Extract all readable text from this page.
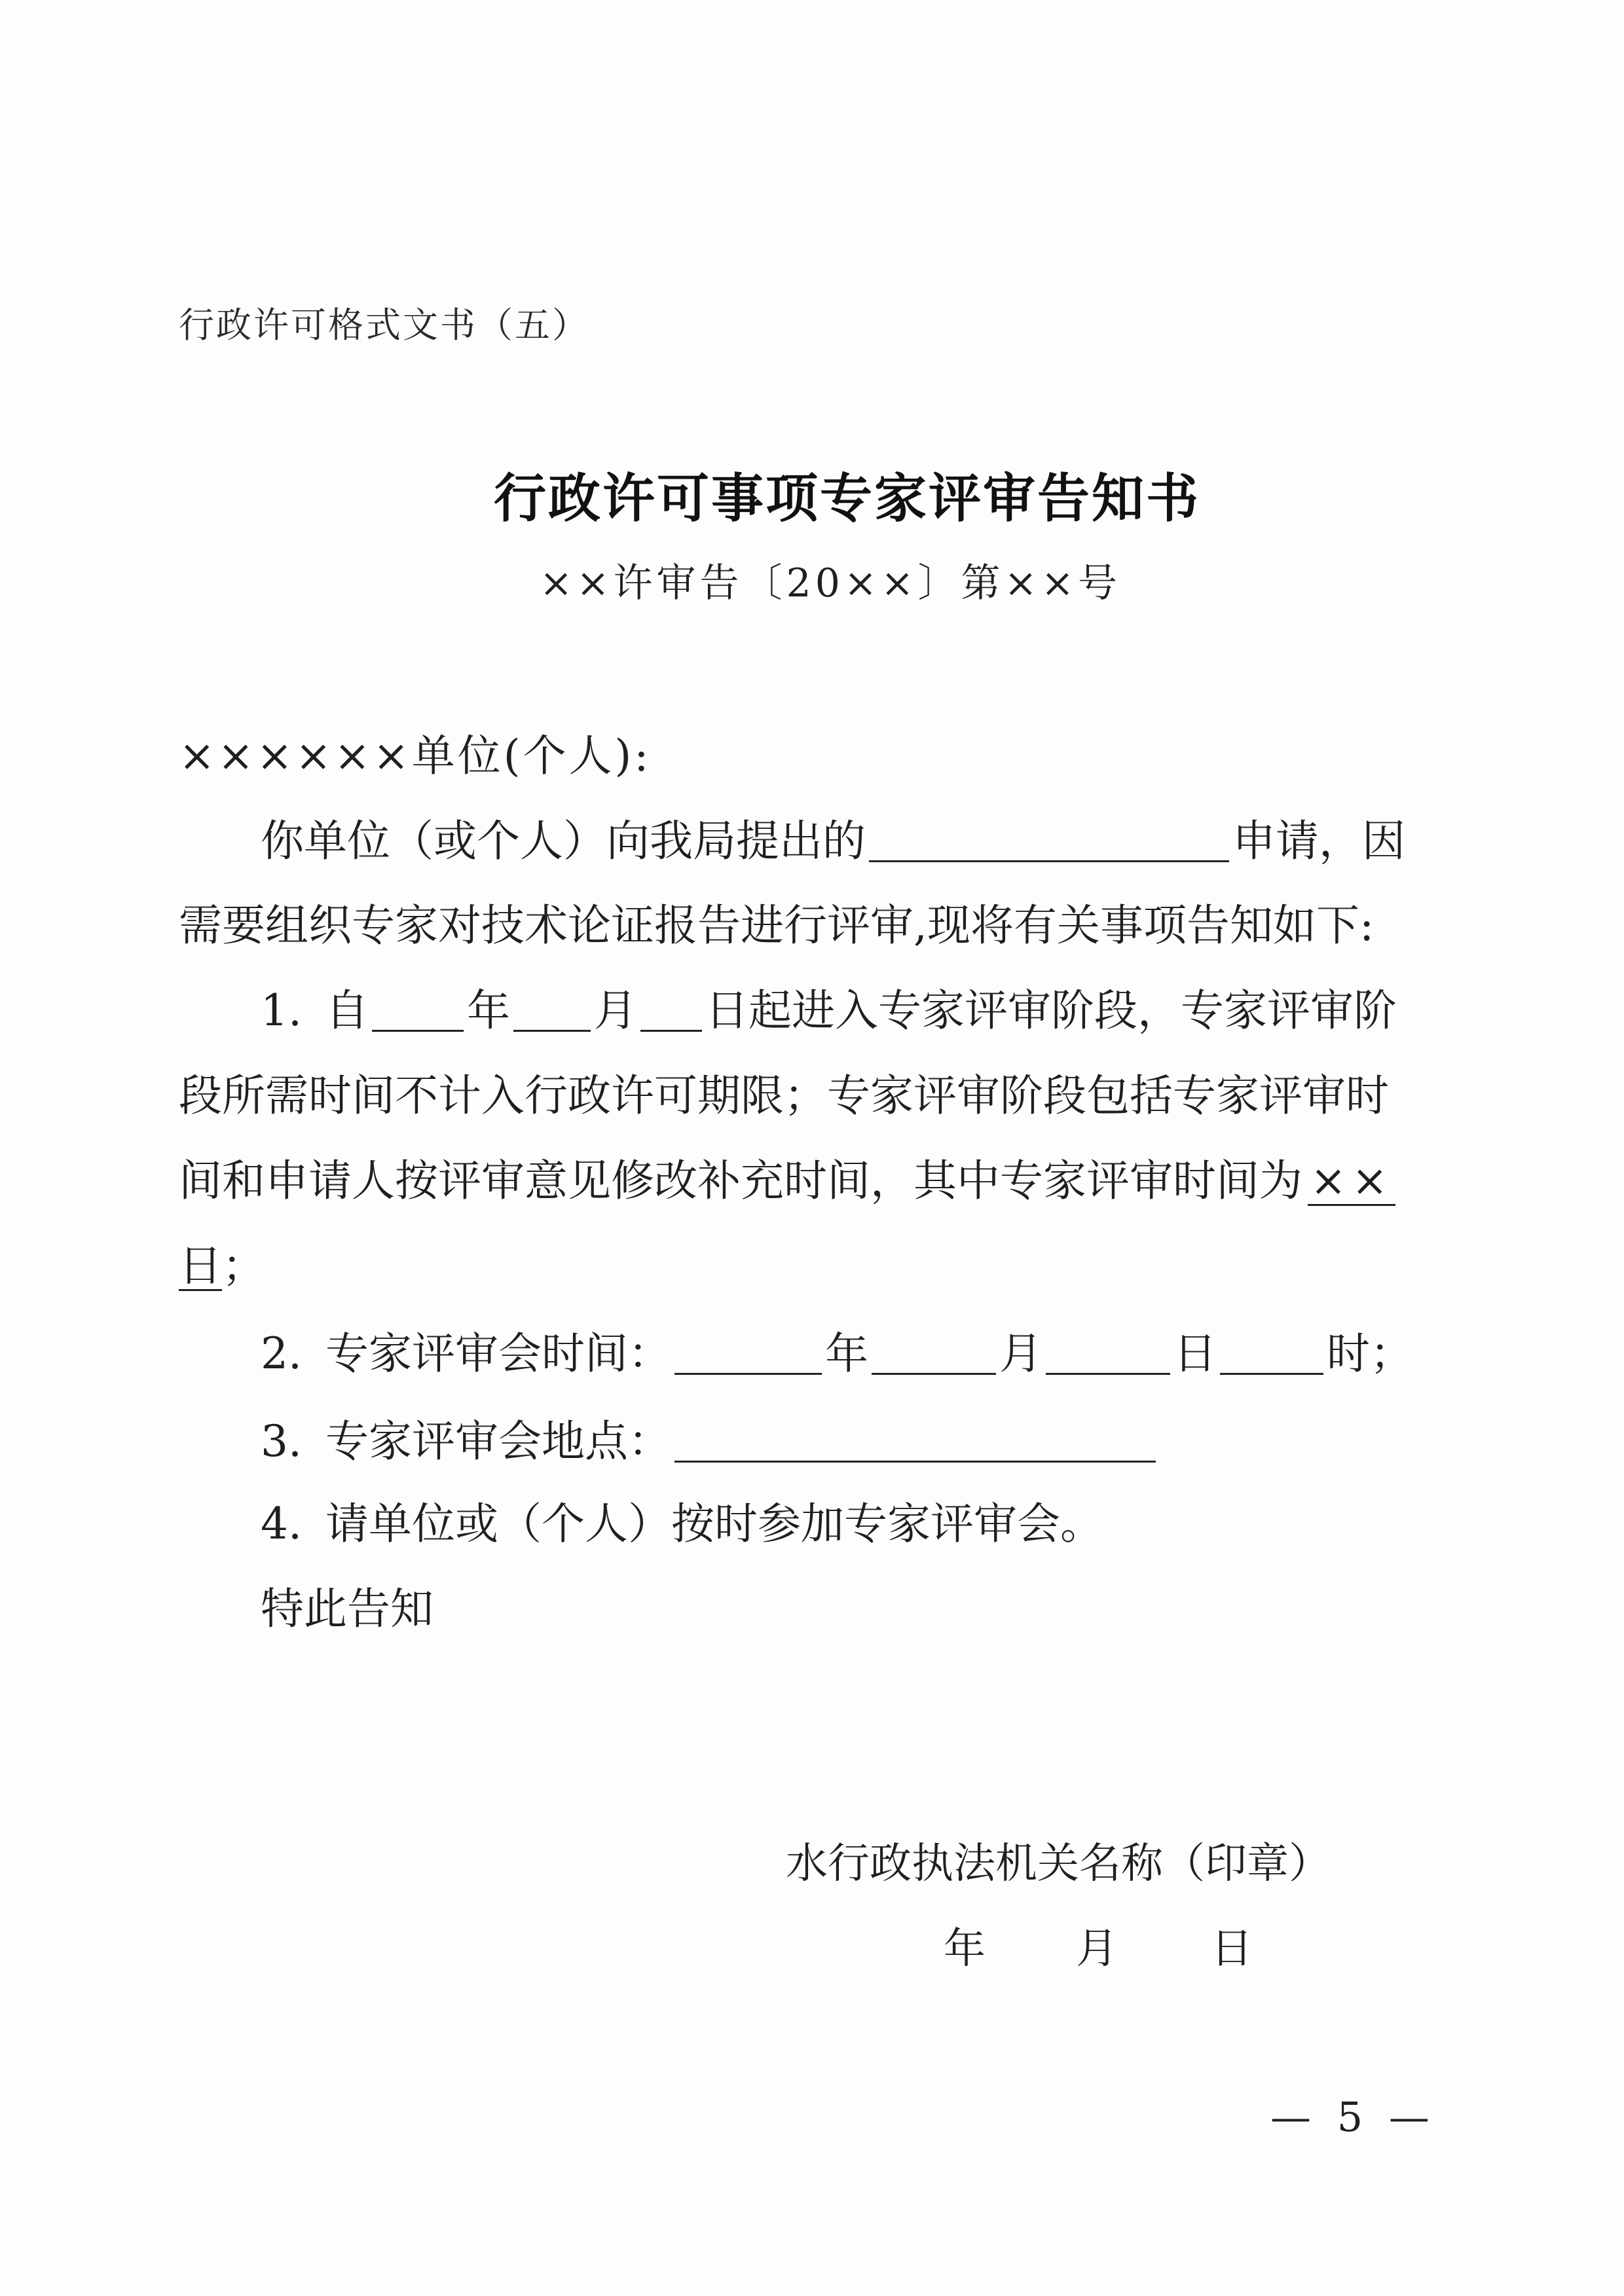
行政许可格式文书（五）
行政许可事项专家评审告知书
××许审告〔20××〕第××号
××××××单位(个人):
你单位（或个人）向我局提出的	申请，因
需要组织专家对技术论证报告进行评审,现将有关事项告知如下:
1. 自 年 月 日起进入专家评审阶段，专家评审阶
段所需时间不计入行政许可期限；专家评审阶段包括专家评审时
间和申请人按评审意见修改补充时间，其中专家评审时间为 ××
日；
2. 专家评审会时间：	年	月	日	时；
3. 专家评审会地点：
4. 请单位或（个人）按时参加专家评审会。
特此告知
水行政执法机关名称（印章）
年 月 日
— 5 —
